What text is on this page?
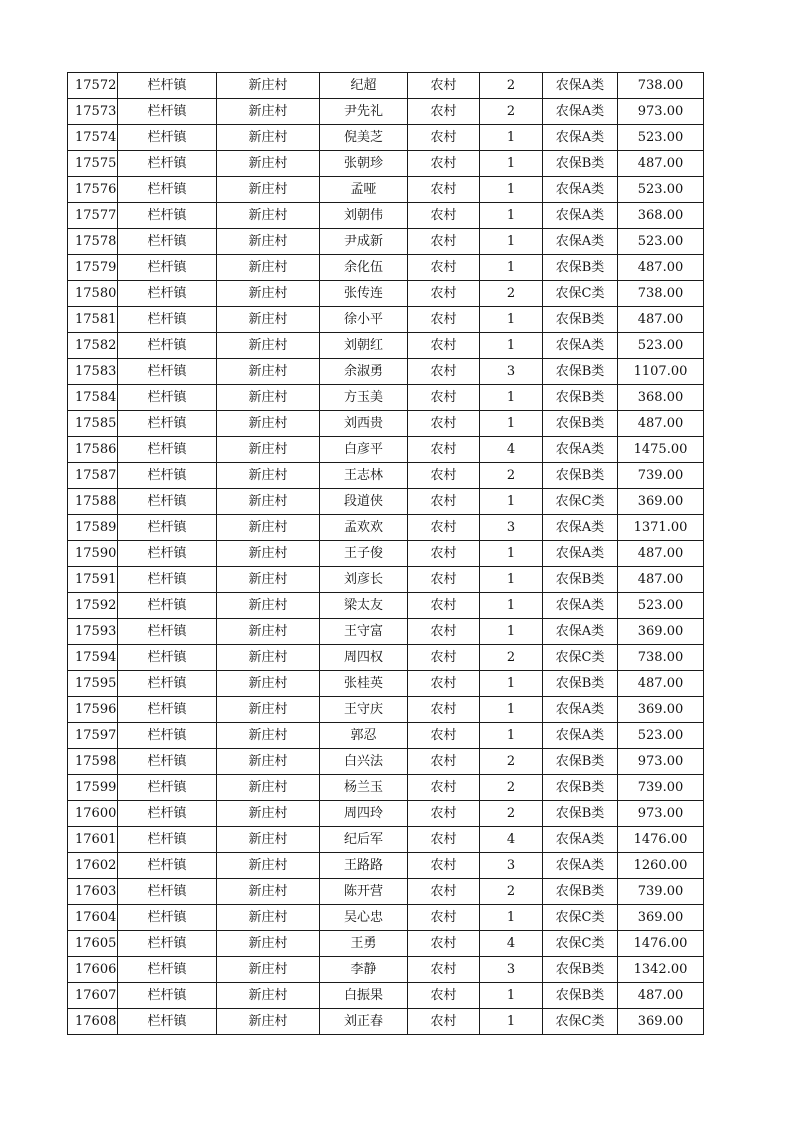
17572	栏杆镇	新庄村	纪超	农村	2	农保A类	738.00
17573	栏杆镇	新庄村	尹先礼	农村	2	农保A类	973.00
17574	栏杆镇	新庄村	倪美芝	农村	1	农保A类	523.00
17575	栏杆镇	新庄村	张朝珍	农村	1	农保B类	487.00
17576	栏杆镇	新庄村	孟哑	农村	1	农保A类	523.00
17577	栏杆镇	新庄村	刘朝伟	农村	1	农保A类	368.00
17578	栏杆镇	新庄村	尹成新	农村	1	农保A类	523.00
17579	栏杆镇	新庄村	余化伍	农村	1	农保B类	487.00
17580	栏杆镇	新庄村	张传连	农村	2	农保C类	738.00
17581	栏杆镇	新庄村	徐小平	农村	1	农保B类	487.00
17582	栏杆镇	新庄村	刘朝红	农村	1	农保A类	523.00
17583	栏杆镇	新庄村	余淑勇	农村	3	农保B类	1107.00
17584	栏杆镇	新庄村	方玉美	农村	1	农保B类	368.00
17585	栏杆镇	新庄村	刘西贵	农村	1	农保B类	487.00
17586	栏杆镇	新庄村	白彦平	农村	4	农保A类	1475.00
17587	栏杆镇	新庄村	王志林	农村	2	农保B类	739.00
17588	栏杆镇	新庄村	段道侠	农村	1	农保C类	369.00
17589	栏杆镇	新庄村	孟欢欢	农村	3	农保A类	1371.00
17590	栏杆镇	新庄村	王子俊	农村	1	农保A类	487.00
17591	栏杆镇	新庄村	刘彦长	农村	1	农保B类	487.00
17592	栏杆镇	新庄村	梁太友	农村	1	农保A类	523.00
17593	栏杆镇	新庄村	王守富	农村	1	农保A类	369.00
17594	栏杆镇	新庄村	周四权	农村	2	农保C类	738.00
17595	栏杆镇	新庄村	张桂英	农村	1	农保B类	487.00
17596	栏杆镇	新庄村	王守庆	农村	1	农保A类	369.00
17597	栏杆镇	新庄村	郭忍	农村	1	农保A类	523.00
17598	栏杆镇	新庄村	白兴法	农村	2	农保B类	973.00
17599	栏杆镇	新庄村	杨兰玉	农村	2	农保B类	739.00
17600	栏杆镇	新庄村	周四玲	农村	2	农保B类	973.00
17601	栏杆镇	新庄村	纪后军	农村	4	农保A类	1476.00
17602	栏杆镇	新庄村	王路路	农村	3	农保A类	1260.00
17603	栏杆镇	新庄村	陈开营	农村	2	农保B类	739.00
17604	栏杆镇	新庄村	吴心忠	农村	1	农保C类	369.00
17605	栏杆镇	新庄村	王勇	农村	4	农保C类	1476.00
17606	栏杆镇	新庄村	李静	农村	3	农保B类	1342.00
17607	栏杆镇	新庄村	白振果	农村	1	农保B类	487.00
17608	栏杆镇	新庄村	刘正春	农村	1	农保C类	369.00
